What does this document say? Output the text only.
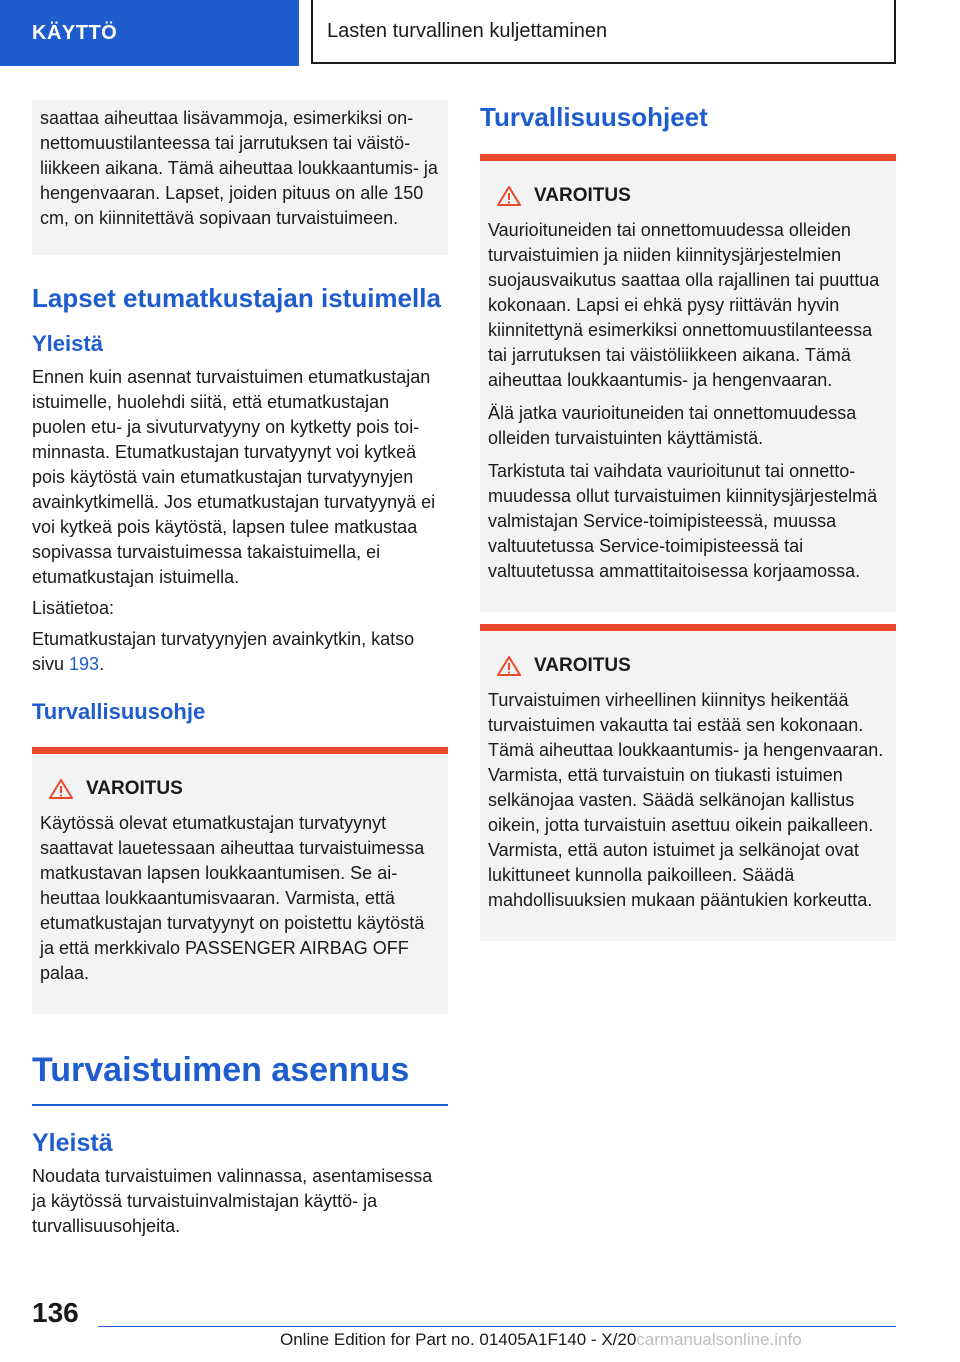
KÄYTTÖ	Lasten turvallinen kuljettaminen

saattaa aiheuttaa lisävammoja, esimerkiksi onnettomuustilanteessa tai jarrutuksen tai väistöliikkeen aikana. Tämä aiheuttaa loukkaantumis- ja hengenvaaran. Lapset, joiden pituus on alle 150 cm, on kiinnitettävä sopivaan turvaistuimeen.

Lapset etumatkustajan istuimella
Yleistä

Ennen kuin asennat turvaistuimen etumatkustajan istuimelle, huolehdi siitä, että etumatkustajan puolen etu- ja sivuturvatyyny on kytketty pois toiminnasta. Etumatkustajan turvatyynyt voi kytkeä pois käytöstä vain etumatkustajan turvatyynyjen avainkytkimellä. Jos etumatkustajan turvatyynyä ei voi kytkeä pois käytöstä, lapsen tulee matkustaa sopivassa turvaistuimessa takaistuimella, ei etumatkustajan istuimella.

Lisätietoa:

Etumatkustajan turvatyynyjen avainkytkin, katso sivu 193.

Turvallisuusohje
VAROITUS

Käytössä olevat etumatkustajan turvatyynyt saattavat lauetessaan aiheuttaa turvaistuimessa matkustavan lapsen loukkaantumisen. Se aiheuttaa loukkaantumisvaaran. Varmista, että etumatkustajan turvatyynyt on poistettu käytöstä ja että merkkivalo PASSENGER AIRBAG OFF palaa.

Turvaistuimen asennus
Yleistä

Noudata turvaistuimen valinnassa, asentamisessa ja käytössä turvaistuinvalmistajan käyttö- ja turvallisuusohjeita.

Turvallisuusohjeet
VAROITUS

Vaurioituneiden tai onnettomuudessa olleiden turvaistuimien ja niiden kiinnitysjärjestelmien suojausvaikutus saattaa olla rajallinen tai puuttua kokonaan. Lapsi ei ehkä pysy riittävän hyvin kiinnitettynä esimerkiksi onnettomuustilanteessa tai jarrutuksen tai väistöliikkeen aikana. Tämä aiheuttaa loukkaantumis- ja hengenvaaran.

Älä jatka vaurioituneiden tai onnettomuudessa olleiden turvaistuinten käyttämistä.

Tarkistuta tai vaihdata vaurioitunut tai onnettomuudessa ollut turvaistuimen kiinnitysjärjestelmä valmistajan Service-toimipisteessä, muussa valtuutetussa Service-toimipisteessä tai valtuutetussa ammattitaitoisessa korjaamossa.

VAROITUS

Turvaistuimen virheellinen kiinnitys heikentää turvaistuimen vakautta tai estää sen kokonaan. Tämä aiheuttaa loukkaantumis- ja hengenvaaran. Varmista, että turvaistuin on tiukasti istuimen selkänojaa vasten. Säädä selkänojan kallistus oikein, jotta turvaistuin asettuu oikein paikalleen. Varmista, että auton istuimet ja selkänojat ovat lukittuneet kunnolla paikoilleen. Säädä mahdollisuuksien mukaan pääntukien korkeutta.

136
Online Edition for Part no. 01405A1F140 - X/20carmanualsonline.info
